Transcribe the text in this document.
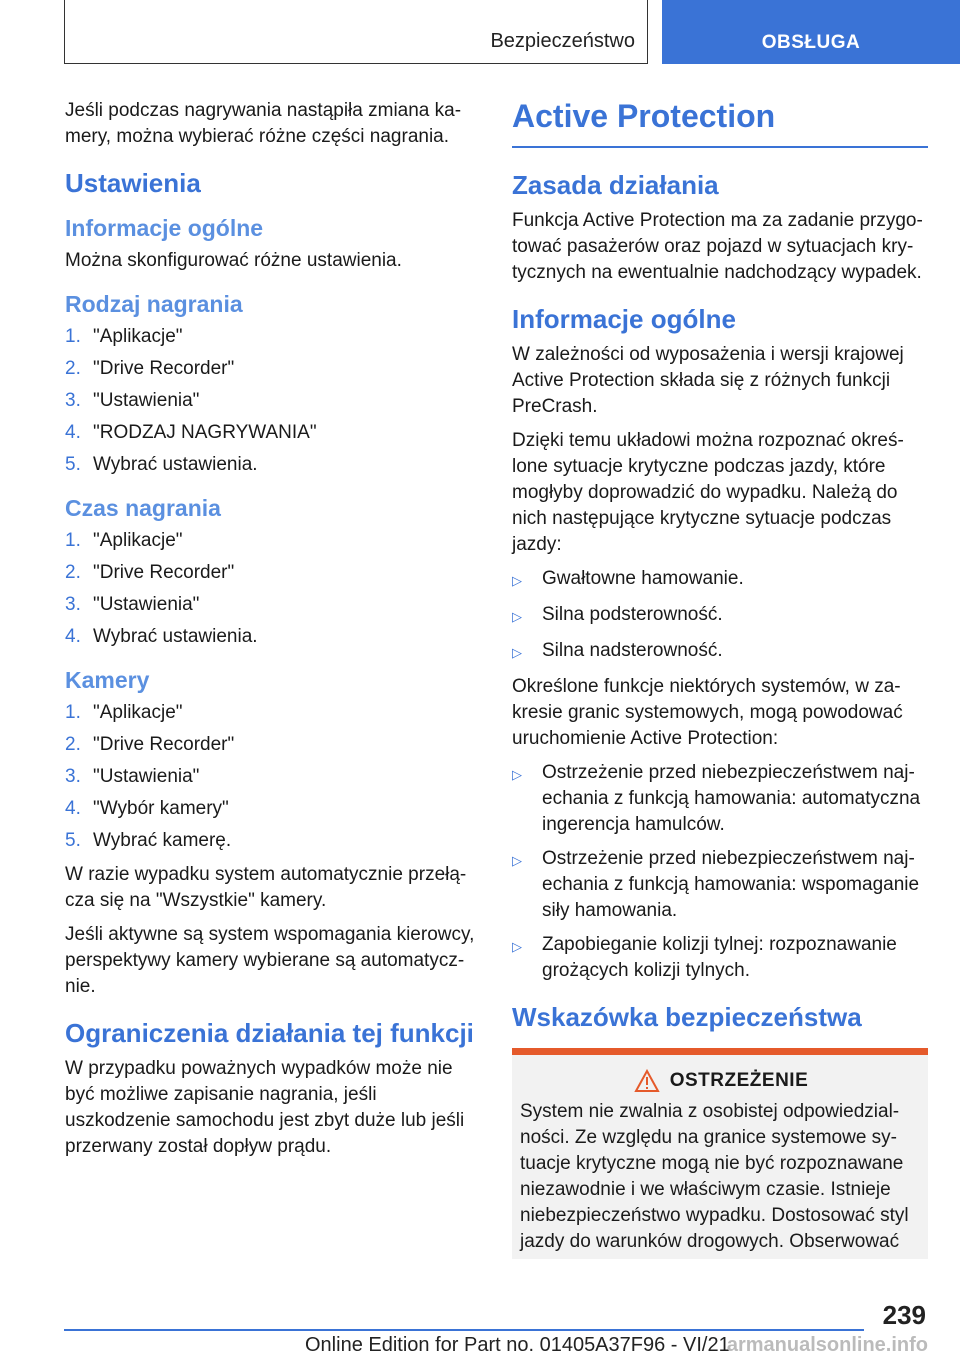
Bezpieczeństwo	OBSŁUGA

Jeśli podczas nagrywania nastąpiła zmiana ka- mery, można wybierać różne części nagrania.

Ustawienia
Informacje ogólne

Można skonfigurować różne ustawienia.

Rodzaj nagrania
1. "Aplikacje"
2. "Drive Recorder"
3. "Ustawienia"
4. "RODZAJ NAGRYWANIA"
5. Wybrać ustawienia.
Czas nagrania
1. "Aplikacje"
2. "Drive Recorder"
3. "Ustawienia"
4. Wybrać ustawienia.
Kamery
1. "Aplikacje"
2. "Drive Recorder"
3. "Ustawienia"
4. "Wybór kamery"
5. Wybrać kamerę.

W razie wypadku system automatycznie przełą- cza się na "Wszystkie" kamery.

Jeśli aktywne są system wspomagania kierowcy, perspektywy kamery wybierane są automatycz- nie.

Ograniczenia działania tej funkcji

W przypadku poważnych wypadków może nie być możliwe zapisanie nagrania, jeśli uszkodzenie samochodu jest zbyt duże lub jeśli przerwany został dopływ prądu.

Active Protection
Zasada działania

Funkcja Active Protection ma za zadanie przygo- tować pasażerów oraz pojazd w sytuacjach kry- tycznych na ewentualnie nadchodzący wypadek.

Informacje ogólne

W zależności od wyposażenia i wersji krajowej Active Protection składa się z różnych funkcji PreCrash.

Dzięki temu układowi można rozpoznać okreś- lone sytuacje krytyczne podczas jazdy, które mogłyby doprowadzić do wypadku. Należą do nich następujące krytyczne sytuacje podczas jazdy:

▷	Gwałtowne hamowanie.
▷	Silna podsterowność.
▷	Silna nadsterowność.

Określone funkcje niektórych systemów, w za- kresie granic systemowych, mogą powodować uruchomienie Active Protection:

▷	Ostrzeżenie przed niebezpieczeństwem naj- echania z funkcją hamowania: automatyczna ingerencja hamulców.
▷	Ostrzeżenie przed niebezpieczeństwem naj- echania z funkcją hamowania: wspomaganie siły hamowania.
▷	Zapobieganie kolizji tylnej: rozpoznawanie grożących kolizji tylnych.
Wskazówka bezpieczeństwa
OSTRZEŻENIE

System nie zwalnia z osobistej odpowiedzial- ności. Ze względu na granice systemowe sy- tuacje krytyczne mogą nie być rozpoznawane niezawodnie i we właściwym czasie. Istnieje niebezpieczeństwo wypadku. Dostosować styl jazdy do warunków drogowych. Obserwować

239
Online Edition for Part no. 01405A37F96 - VI/21
armanualsonline.info
